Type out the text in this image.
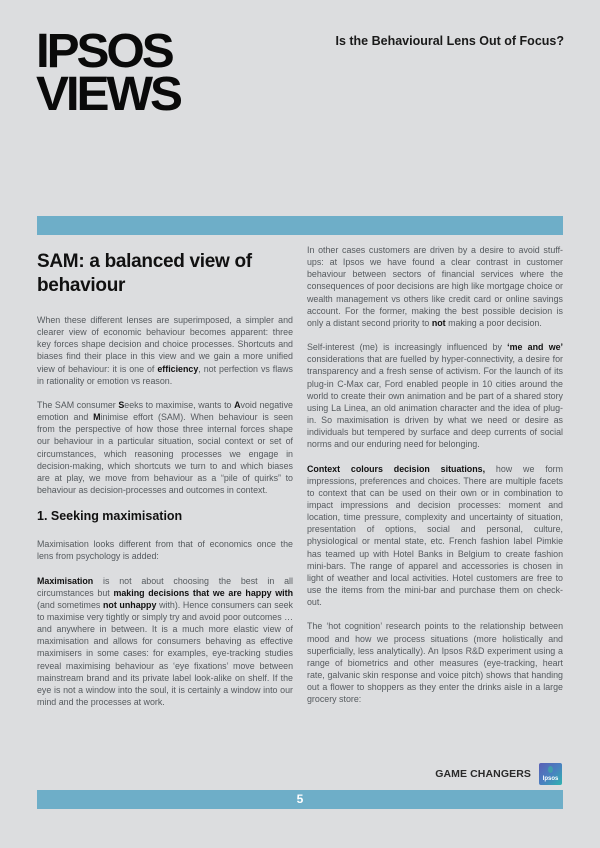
IPSOS
VIEWS
Is the Behavioural Lens Out of Focus?
SAM: a balanced view of behaviour

When these different lenses are superimposed, a simpler and clearer view of economic behaviour becomes apparent: three key forces shape decision and choice processes. Shortcuts and biases find their place in this view and we gain a more unified view of behaviour: it is one of efficiency, not perfection vs flaws in rationality or emotion vs reason.

The SAM consumer Seeks to maximise, wants to Avoid negative emotion and Minimise effort (SAM). When behaviour is seen from the perspective of how those three internal forces shape our behaviour in a particular situation, social context or set of circumstances, which reasoning processes we engage in decision-making, which shortcuts we turn to and which biases are at play, we move from behaviour as a “pile of quirks” to behaviour as decision-processes and outcomes in context.

1. Seeking maximisation

Maximisation looks different from that of economics once the lens from psychology is added:

Maximisation is not about choosing the best in all circumstances but making decisions that we are happy with (and sometimes not unhappy with). Hence consumers can seek to maximise very tightly or simply try and avoid poor outcomes … and anywhere in between. It is a much more elastic view of maximisation and allows for consumers behaving as effective maximisers in some cases: for examples, eye-tracking studies reveal maximising behaviour as ‘eye fixations’ move between mainstream brand and its private label look-alike on shelf. If the eye is not a window into the soul, it is certainly a window into our mind and the processes at work.

In other cases customers are driven by a desire to avoid stuff-ups: at Ipsos we have found a clear contrast in customer behaviour between sectors of financial services where the consequences of poor decisions are high like mortgage choice or wealth management vs others like credit card or online savings account. For the former, making the best possible decision is only a distant second priority to not making a poor decision.

Self-interest (me) is increasingly influenced by ‘me and we’ considerations that are fuelled by hyper-connectivity, a desire for transparency and a fresh sense of activism. For the launch of its plug-in C-Max car, Ford enabled people in 10 cities around the world to create their own animation and be part of a shared story using La Linea, an old animation character and the idea of plug-in. So maximisation is driven by what we need or desire as individuals but tempered by surface and deep currents of social norms and our enduring need for belonging.

Context colours decision situations, how we form impressions, preferences and choices. There are multiple facets to context that can be used on their own or in combination to impact impressions and decision processes: moment and location, time pressure, complexity and uncertainty of situation, presentation of options, social and personal, culture, physiological or mental state, etc. French fashion label Pimkie has teamed up with Hotel Banks in Belgium to create fashion mini-bars. The range of apparel and accessories is chosen in light of weather and local activities. Hotel customers are free to use the items from the mini-bar and purchase them on check-out.

The ‘hot cognition’ research points to the relationship between mood and how we process situations (more holistically and superficially, less analytically). An Ipsos R&D experiment using a range of biometrics and other measures (eye-tracking, heart rate, galvanic skin response and voice pitch) shows that handing out a flower to shoppers as they enter the drinks aisle in a large grocery store:

GAME CHANGERS Ipsos
5
